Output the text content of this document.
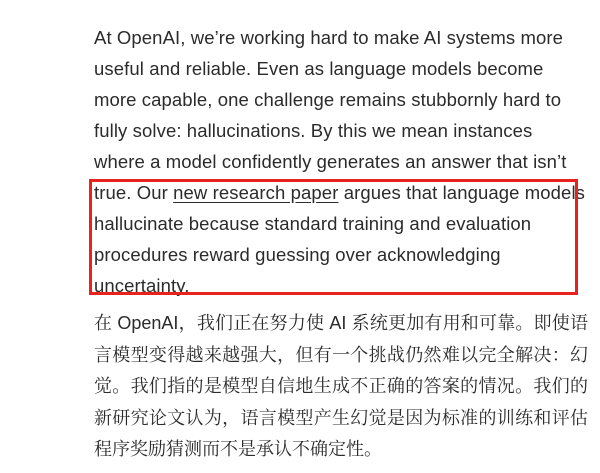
At OpenAI, we’re working hard to make AI systems more useful and reliable. Even as language models become more capable, one challenge remains stubbornly hard to fully solve: hallucinations. By this we mean instances where a model confidently generates an answer that isn’t true. Our new research paper argues that language models hallucinate because standard training and evaluation procedures reward guessing over acknowledging uncertainty.

在 OpenAI，我们正在努力使 AI 系统更加有用和可靠。即使语言模型变得越来越强大，但有一个挑战仍然难以完全解决：幻觉。我们指的是模型自信地生成不正确的答案的情况。我们的新研究论文认为，语言模型产生幻觉是因为标准的训练和评估程序奖励猜测而不是承认不确定性。
